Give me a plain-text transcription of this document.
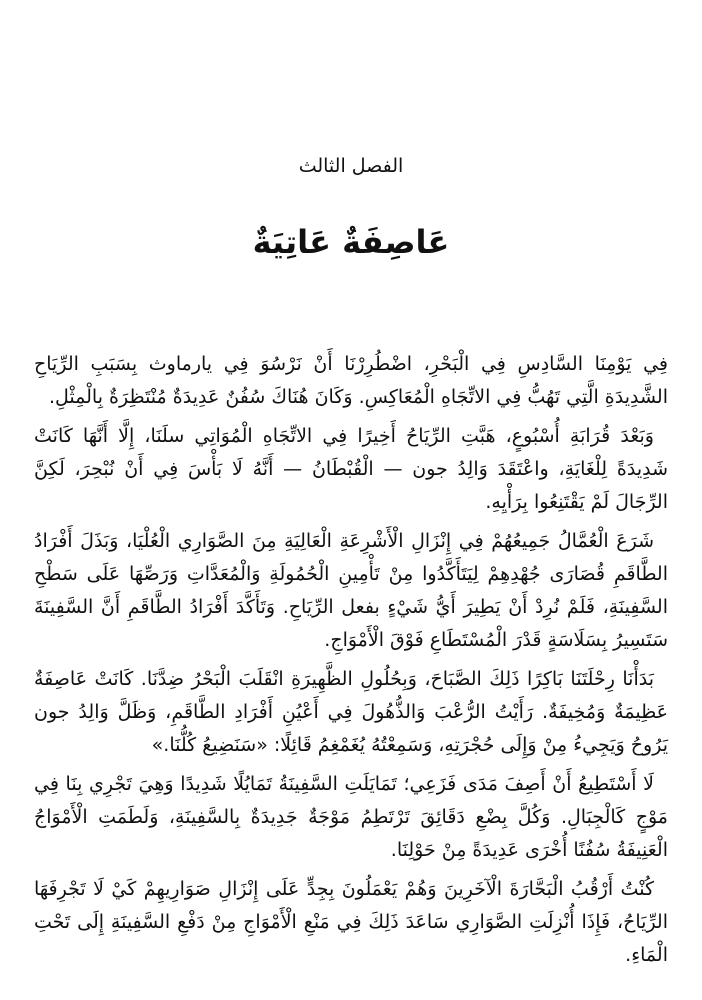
الفصل الثالث
عَاصِفَةٌ عَاتِيَةٌ

فِي يَوْمِنَا السَّادِسِ فِي الْبَحْرِ، اضْطُرِرْنَا أَنْ نَرْسُوَ فِي يارماوث بِسَبَبِ الرِّيَاحِ الشَّدِيدَةِ الَّتِي تَهُبُّ فِي الاتِّجَاهِ الْمُعَاكِسِ. وَكَانَ هُنَاكَ سُفُنٌ عَدِيدَةٌ مُنْتَظِرَةٌ بِالْمِثْلِ.

وَبَعْدَ قُرَابَةِ أُسْبُوعٍ، هَبَّتِ الرِّيَاحُ أَخِيرًا فِي الاتِّجَاهِ الْمُوَاتِي سلَنَا، إِلَّا أَنَّهَا كَانَتْ شَدِيدَةً لِلْغَايَةِ، واعْتَقَدَ وَالِدُ جون — الْقُبْطَانُ — أَنَّهُ لَا بَأْسَ فِي أَنْ نُبْحِرَ، لَكِنَّ الرِّجَالَ لَمْ يَقْتَنِعُوا بِرَأْيِهِ.

شَرَعَ الْعُمَّالُ جَمِيعُهُمْ فِي إِنْزَالِ الْأَشْرِعَةِ الْعَالِيَةِ مِنَ الصَّوَارِي الْعُلْيَا، وَبَذَلَ أَفْرَادُ الطَّاقَمِ قُصَارَى جُهْدِهِمْ لِيَتَأَكَّدُوا مِنْ تَأْمِينِ الْحُمُولَةِ وَالْمُعَدَّاتِ وَرَصِّهَا عَلَى سَطْحِ السَّفِينَةِ، فَلَمْ نُرِدْ أَنْ يَطِيرَ أَيُّ شَيْءٍ بفعل الرِّيَاحِ. وَتَأَكَّدَ أَفْرَادُ الطَّاقَمِ أَنَّ السَّفِينَةَ سَتَسِيرُ بِسَلَاسَةٍ قَدْرَ الْمُسْتَطَاعِ فَوْقَ الْأَمْوَاجِ.

بَدَأْنَا رِحْلَتَنَا بَاكِرًا ذَلِكَ الصَّبَاحَ، وَبِحُلُولِ الظَّهِيرَةِ انْقَلَبَ الْبَحْرُ ضِدَّنَا. كَانَتْ عَاصِفَةٌ عَظِيمَةٌ وَمُخِيفَةٌ. رَأَيْتُ الرُّعْبَ وَالذُّهُولَ فِي أَعْيُنِ أَفْرَادِ الطَّاقَمِ، وَظَلَّ وَالِدُ جون يَرُوحُ وَيَجِيءُ مِنْ وَإِلَى حُجْرَتِهِ، وَسَمِعْتُهُ يُغَمْغِمُ قَائِلًا: «سَنَضِيعُ كُلُّنَا.»

لَا أَسْتَطِيعُ أَنْ أَصِفَ مَدَى فَزَعِي؛ تَمَايَلَتِ السَّفِينَةُ تَمَايُلًا شَدِيدًا وَهِيَ تَجْرِي بِنَا فِي مَوْجٍ كَالْجِبَالِ. وَكُلَّ بِضْعِ دَقَائِقَ تَرْتَطِمُ مَوْجَةٌ جَدِيدَةٌ بِالسَّفِينَةِ، وَلَطَمَتِ الْأَمْوَاجُ الْعَنِيفَةُ سُفُنًا أُخْرَى عَدِيدَةً مِنْ حَوْلِنَا.

كُنْتُ أَرْقُبُ الْبَحَّارَةَ الْآخَرِينَ وَهُمْ يَعْمَلُونَ بِجِدٍّ عَلَى إِنْزَالِ صَوَارِيهِمْ كَيْ لَا تَجْرِفَهَا الرِّيَاحُ، فَإِذَا أُنْزِلَتِ الصَّوَارِي سَاعَدَ ذَلِكَ فِي مَنْعِ الْأَمْوَاجِ مِنْ دَفْعِ السَّفِينَةِ إِلَى تَحْتِ الْمَاءِ.
